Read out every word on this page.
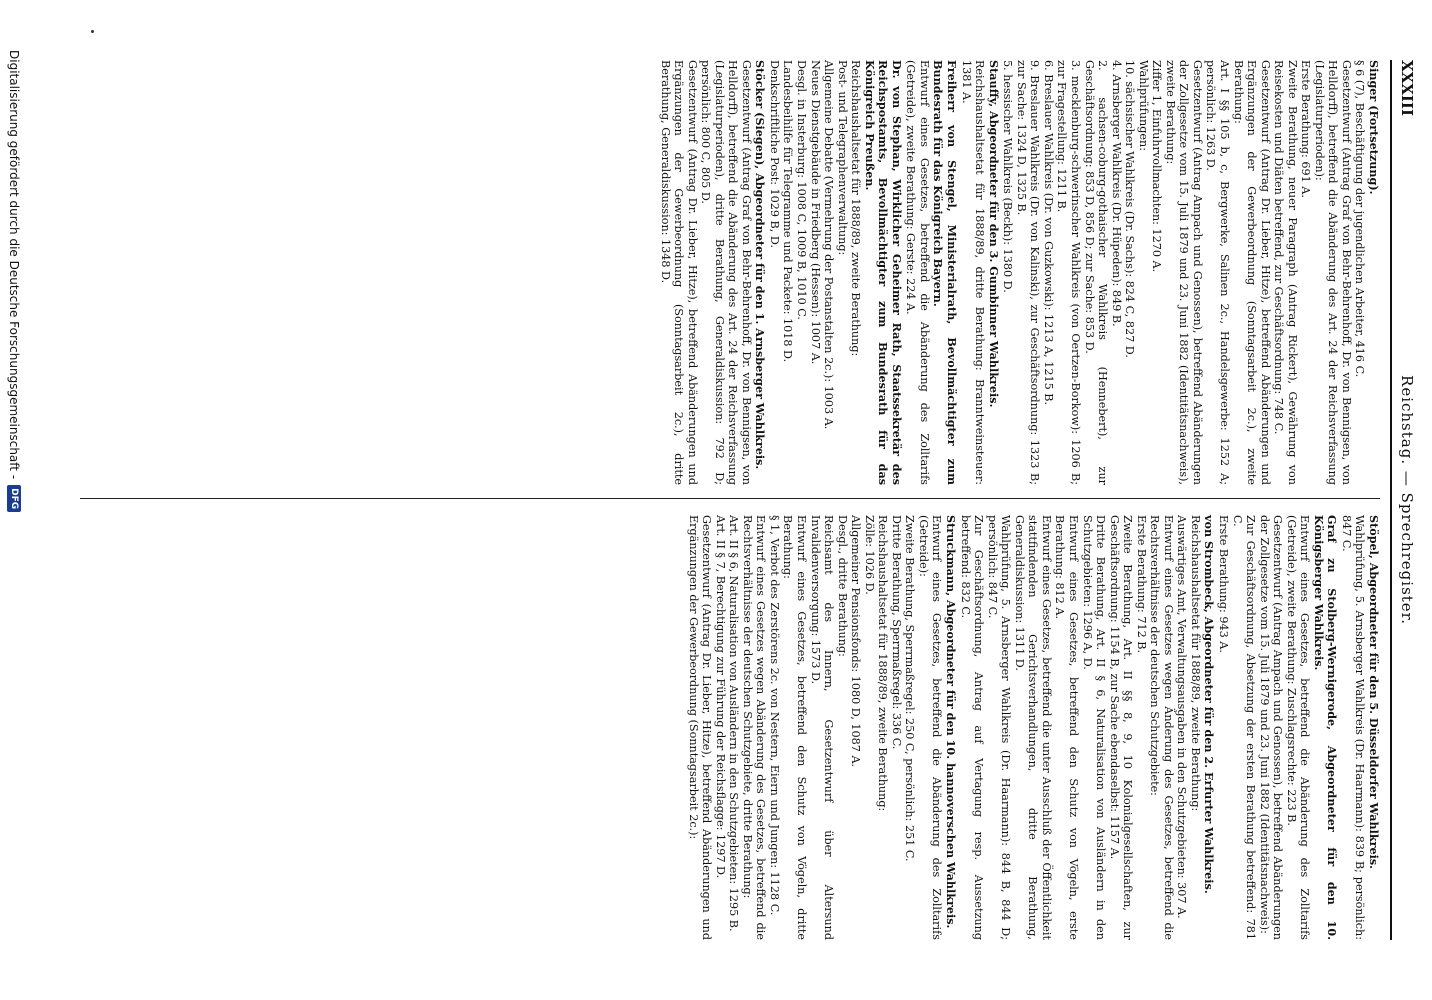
Reichstag. — Sprechregister.
XXXIII
Stöpel, Abgeordneter für den 5. Düsseldorfer Wahlkreis.
Wahlprüfung, 5. Arnsberger Wahlkreis (Dr. Haarmann): 839 B; persönlich: 847 C.
Graf zu Stolberg-Wernigerode, Abgeordneter für den 10. Königsberger Wahlkreis.
Entwurf eines Gesetzes, betreffend die Abänderung des Zolltarifs (Getreide), zweite Berathung: Zuschlagsrechte: 223 B.
Gesetzentwurf (Antrag Ampach und Genossen), betreffend Abänderungen der Zollgesetze vom 15. Juli 1879 und 23. Juni 1882 (Identitätsnachweis):
Zur Geschäftsordnung, Absetzung der ersten Berathung betreffend: 781 C.
Erste Berathung: 943 A.
von Strombeck, Abgeordneter für den 2. Erfurter Wahlkreis.
Reichshaushaltsetat für 1888/89, zweite Berathung:
Auswärtiges Amt, Verwaltungsausgaben in den Schutzgebieten: 307 A.
Entwurf eines Gesetzes wegen Änderung des Gesetzes, betreffend die Rechtsverhältnisse der deutschen Schutzgebiete:
Erste Berathung: 712 B.
Zweite Berathung, Art. II §§ 8, 9, 10 Kolonialgesellschaften, zur Geschäftsordnung: 1154 B, zur Sache ebendaselbst: 1157 A.
Dritte Berathung, Art. II § 6, Naturalisation von Ausländern in den Schutzgebieten: 1296 A, D.
Entwurf eines Gesetzes, betreffend den Schutz von Vögeln, erste Berathung: 812 A.
Entwurf eines Gesetzes, betreffend die unter Ausschluß der Öffentlichkeit stattfindenden Gerichtsverhandlungen, dritte Berathung, Generaldiskussion: 1311 D.
Wahlprüfung, 5. Arnsberger Wahlkreis (Dr. Haarmann): 844 B, 844 D; persönlich: 847 C.
Zur Geschäftsordnung, Antrag auf Vertagung resp. Aussetzung betreffend: 832 C.
Struckmann, Abgeordneter für den 10. hannoverschen Wahlkreis.
Entwurf eines Gesetzes, betreffend die Abänderung des Zolltarifs (Getreide):
Zweite Berathung, Sperrmaßregel: 250 C, persönlich: 251 C.
Dritte Berathung, Sperrmaßregel: 336 C.
Reichshaushaltsetat für 1888/89, zweite Berathung:
Zölle: 1026 D.
Allgemeiner Pensionsfonds: 1080 D, 1087 A.
Desgl., dritte Berathung:
Reichsamt des Innern, Gesetzentwurf über Altersund Invalidenversorgung: 1573 D.
Entwurf eines Gesetzes, betreffend den Schutz von Vögeln, dritte Berathung:
§ 1, Verbot des Zerstörens 2c. von Nestern, Eiern und Jungen: 1128 C.
Entwurf eines Gesetzes wegen Abänderung des Gesetzes, betreffend die Rechtsverhältnisse der deutschen Schutzgebiete, dritte Berathung:
Art. II § 6, Naturalisation von Ausländern in den Schutzgebieten: 1295 B.
Art. II § 7, Berechtigung zur Führung der Reichsflagge: 1297 D.
Gesetzentwurf (Antrag Dr. Lieber, Hitze), betreffend Abänderungen und Ergänzungen der Gewerbeordnung (Sonntagsarbeit 2c.):
Singer (Fortsetzung).
§ 6 (7), Beschäftigung der jugendlichen Arbeiter, 416 C.
Gesetzentwurf (Antrag Graf von Behr-Behrenhoff, Dr. von Bennigsen, von Helldorff), betreffend die Abänderung des Art. 24 der Reichsverfassung (Legislaturperioden):
Erste Berathung: 691 A.
Zweite Berathung, neuer Paragraph (Antrag Rickert), Gewährung von Reisekosten und Diäten betreffend, zur Geschäftsordnung: 748 C.
Gesetzentwurf (Antrag Dr. Lieber, Hitze), betreffend Abänderungen und Ergänzungen der Gewerbeordnung (Sonntagsarbeit 2c.), zweite Berathung:
Art. I §§ 105 b, c, Bergwerke, Salinen 2c., Handelsgewerbe: 1252 A; persönlich: 1263 D.
Gesetzentwurf (Antrag Ampach und Genossen), betreffend Abänderungen der Zollgesetze vom 15. Juli 1879 und 23. Juni 1882 (Identitätsnachweis), zweite Berathung:
Ziffer 1, Einfuhrvollmachten: 1270 A.
Wahlprüfungen:
10. sächsischer Wahlkreis (Dr. Sachs): 824 C, 827 D.
4. Arnsberger Wahlkreis (Dr. Hüpeden): 849 B.
2. sachsen-coburg-gothaischer Wahlkreis (Hennebert), zur Geschäftsordnung: 853 D, 856 D; zur Sache: 853 D.
3. mecklenburg-schwerinscher Wahlkreis (von Oertzen-Borkow): 1206 B; zur Fragestellung: 1211 B.
6. Breslauer Wahlkreis (Dr. von Guzkowski): 1213 A, 1215 B.
9. Breslauer Wahlkreis (Dr. von Kalinski), zur Geschäftsordnung: 1323 B; zur Sache: 1324 D, 1325 B.
5. hessischer Wahlkreis (Beckh): 1380 D.
Stauffy, Abgeordneter für den 3. Gumbinner Wahlkreis.
Reichshaushaltsetat für 1888/89, dritte Berathung: Branntweinsteuer: 1381 A.
Freiherr von Stengel, Ministerialrath, Bevollmächtigter zum Bundesrath für das Königreich Bayern.
Entwurf eines Gesetzes, betreffend die Abänderung des Zolltarifs (Getreide), zweite Berathung: Gerste: 224 A.
Dr. von Stephan, Wirklicher Geheimer Rath, Staatssekretär des Reichspostamts, Bevollmächtigter zum Bundesrath für das Königreich Preußen.
Reichshaushaltsetat für 1888/89, zweite Berathung:
Post- und Telegraphenverwaltung:
Allgemeine Debatte (Vermehrung der Postanstalten 2c.): 1003 A.
Neues Dienstgebäude in Friedberg (Hessen): 1007 A.
Desgl. in Insterburg: 1008 C, 1009 B, 1010 C.
Landesbeihilfe für Telegramme und Packete: 1018 D.
Denkschriftliche Post: 1029 B, D.
Stöcker (Siegen), Abgeordneter für den 1. Arnsberger Wahlkreis.
Gesetzentwurf (Antrag Graf von Behr-Behrenhoff, Dr. von Bennigsen, von Helldorff), betreffend die Abänderung des Art. 24 der Reichsverfassung (Legislaturperioden), dritte Berathung, Generaldiskussion: 792 D; persönlich: 800 C, 805 D.
Gesetzentwurf (Antrag Dr. Lieber, Hitze), betreffend Abänderungen und Ergänzungen der Gewerbeordnung (Sonntagsarbeit 2c.), dritte Berathung, Generaldiskussion: 1348 D.
Digitalisierung gefördert durch die Deutsche Forschungsgemeinschaft -
DFG
